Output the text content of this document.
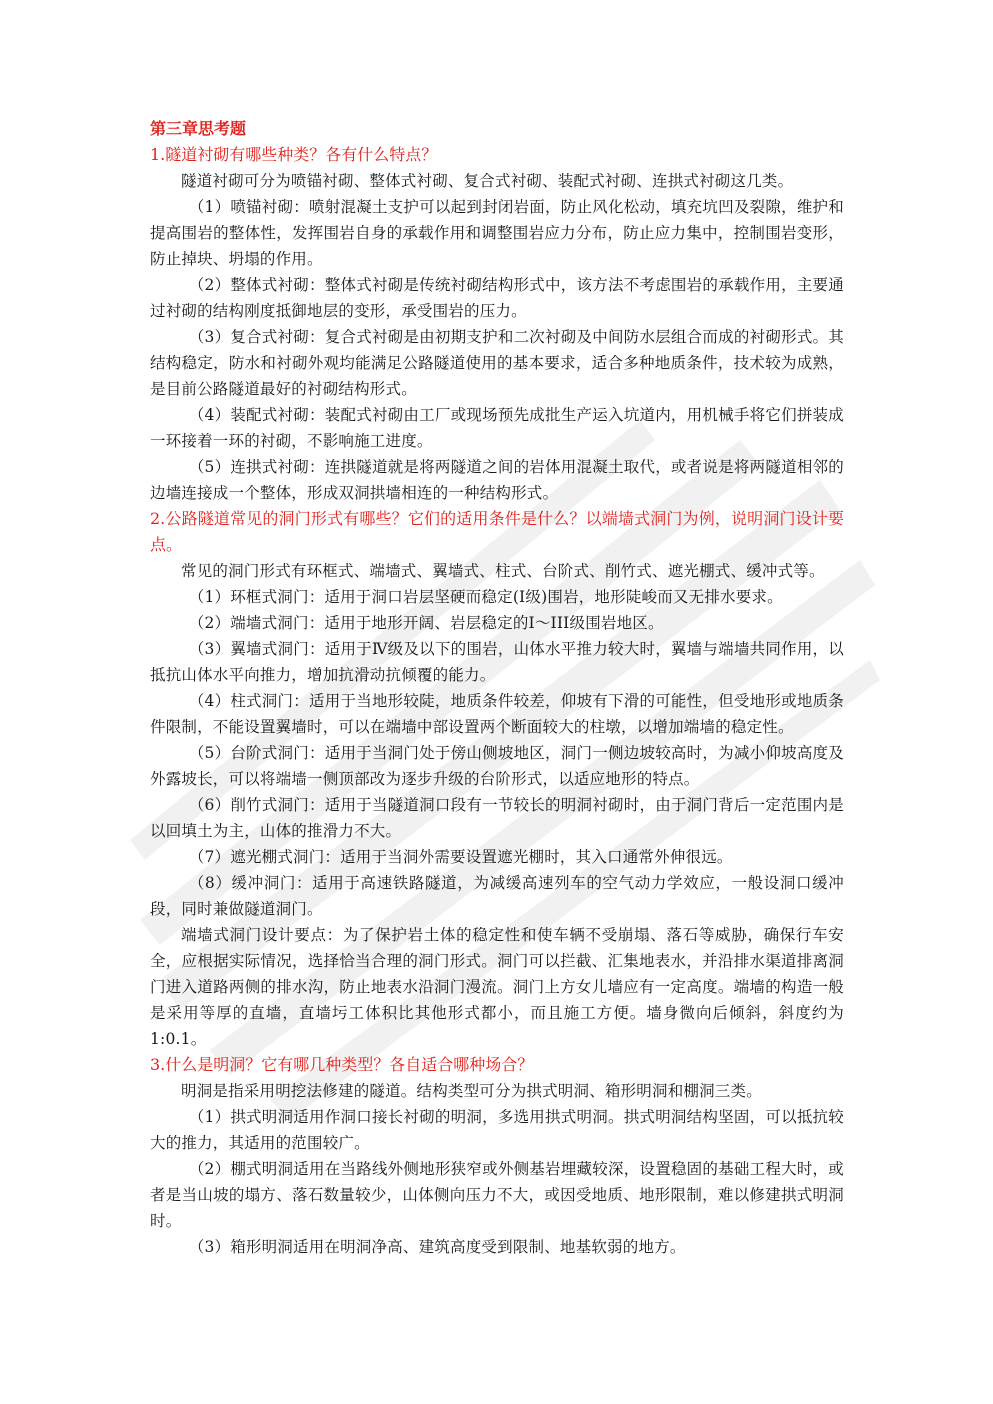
第三章思考题

1.隧道衬砌有哪些种类？各有什么特点？

隧道衬砌可分为喷锚衬砌、整体式衬砌、复合式衬砌、装配式衬砌、连拱式衬砌这几类。

（1）喷锚衬砌：喷射混凝土支护可以起到封闭岩面，防止风化松动，填充坑凹及裂隙，维护和提高围岩的整体性，发挥围岩自身的承载作用和调整围岩应力分布，防止应力集中，控制围岩变形，防止掉块、坍塌的作用。

（2）整体式衬砌：整体式衬砌是传统衬砌结构形式中，该方法不考虑围岩的承载作用，主要通过衬砌的结构刚度抵御地层的变形，承受围岩的压力。

（3）复合式衬砌：复合式衬砌是由初期支护和二次衬砌及中间防水层组合而成的衬砌形式。其结构稳定，防水和衬砌外观均能满足公路隧道使用的基本要求，适合多种地质条件，技术较为成熟，是目前公路隧道最好的衬砌结构形式。

（4）装配式衬砌：装配式衬砌由工厂或现场预先成批生产运入坑道内，用机械手将它们拼装成一环接着一环的衬砌，不影响施工进度。

（5）连拱式衬砌：连拱隧道就是将两隧道之间的岩体用混凝土取代，或者说是将两隧道相邻的边墙连接成一个整体，形成双洞拱墙相连的一种结构形式。

2.公路隧道常见的洞门形式有哪些？它们的适用条件是什么？以端墙式洞门为例，说明洞门设计要点。

常见的洞门形式有环框式、端墙式、翼墙式、柱式、台阶式、削竹式、遮光棚式、缓冲式等。

（1）环框式洞门：适用于洞口岩层坚硬而稳定(Ⅰ级)围岩，地形陡峻而又无排水要求。

（2）端墙式洞门：适用于地形开阔、岩层稳定的Ⅰ～III级围岩地区。

（3）翼墙式洞门：适用于Ⅳ级及以下的围岩，山体水平推力较大时，翼墙与端墙共同作用，以抵抗山体水平向推力，增加抗滑动抗倾覆的能力。

（4）柱式洞门：适用于当地形较陡，地质条件较差，仰坡有下滑的可能性，但受地形或地质条件限制，不能设置翼墙时，可以在端墙中部设置两个断面较大的柱墩，以增加端墙的稳定性。

（5）台阶式洞门：适用于当洞门处于傍山侧坡地区，洞门一侧边坡较高时，为减小仰坡高度及外露坡长，可以将端墙一侧顶部改为逐步升级的台阶形式，以适应地形的特点。

（6）削竹式洞门：适用于当隧道洞口段有一节较长的明洞衬砌时，由于洞门背后一定范围内是以回填土为主，山体的推滑力不大。

（7）遮光棚式洞门：适用于当洞外需要设置遮光棚时，其入口通常外伸很远。

（8）缓冲洞门：适用于高速铁路隧道，为减缓高速列车的空气动力学效应，一般设洞口缓冲段，同时兼做隧道洞门。

端墙式洞门设计要点：为了保护岩土体的稳定性和使车辆不受崩塌、落石等威胁，确保行车安全，应根据实际情况，选择恰当合理的洞门形式。洞门可以拦截、汇集地表水，并沿排水渠道排离洞门进入道路两侧的排水沟，防止地表水沿洞门漫流。洞门上方女儿墙应有一定高度。端墙的构造一般是采用等厚的直墙，直墙圬工体积比其他形式都小，而且施工方便。墙身微向后倾斜，斜度约为 1:0.1。

3.什么是明洞？它有哪几种类型？各自适合哪种场合？

明洞是指采用明挖法修建的隧道。结构类型可分为拱式明洞、箱形明洞和棚洞三类。

（1）拱式明洞适用作洞口接长衬砌的明洞，多选用拱式明洞。拱式明洞结构坚固，可以抵抗较大的推力，其适用的范围较广。

（2）棚式明洞适用在当路线外侧地形狭窄或外侧基岩埋藏较深，设置稳固的基础工程大时，或者是当山坡的塌方、落石数量较少，山体侧向压力不大，或因受地质、地形限制，难以修建拱式明洞时。

（3）箱形明洞适用在明洞净高、建筑高度受到限制、地基软弱的地方。
